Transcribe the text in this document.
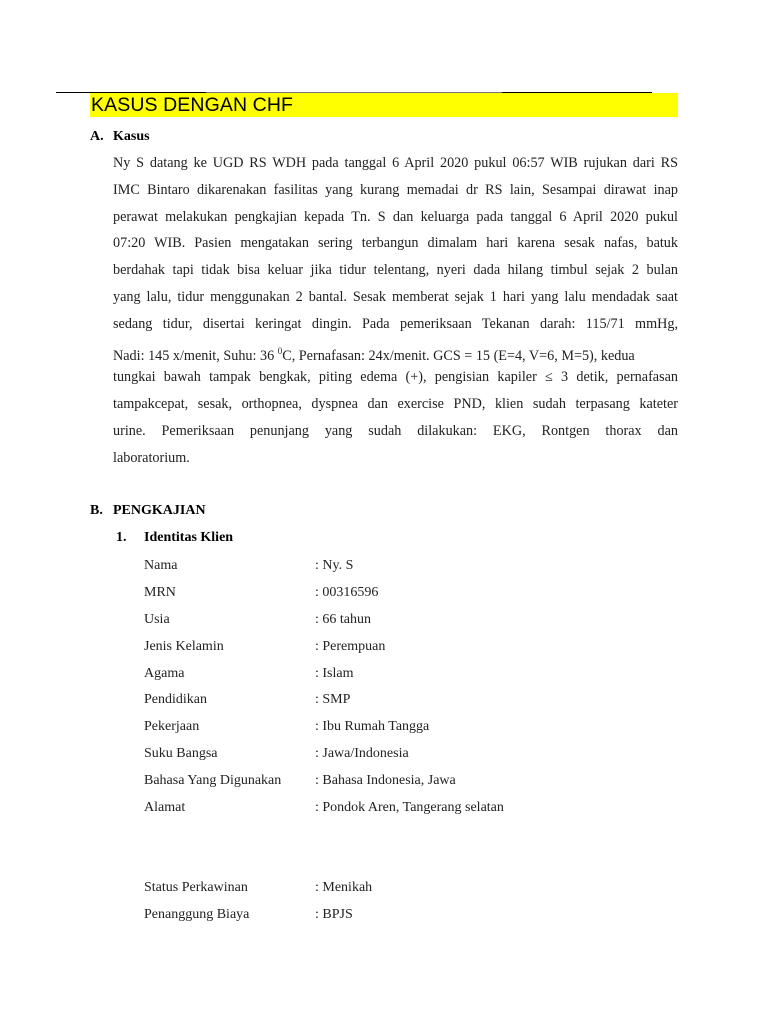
KASUS DENGAN CHF
A. Kasus
Ny S datang ke UGD RS WDH pada tanggal 6 April 2020 pukul 06:57 WIB rujukan dari RS
IMC Bintaro dikarenakan fasilitas yang kurang memadai dr RS lain, Sesampai dirawat inap
perawat melakukan pengkajian kepada Tn. S dan keluarga pada tanggal 6 April 2020 pukul
07:20 WIB. Pasien mengatakan sering terbangun dimalam hari karena sesak nafas, batuk
berdahak tapi tidak bisa keluar jika tidur telentang, nyeri dada hilang timbul sejak 2 bulan
yang lalu, tidur menggunakan 2 bantal. Sesak memberat sejak 1 hari yang lalu mendadak saat
sedang tidur, disertai keringat dingin. Pada pemeriksaan Tekanan darah: 115/71 mmHg,
Nadi: 145 x/menit, Suhu: 36 $^0$C, Pernafasan: 24x/menit. GCS = 15 (E=4, V=6, M=5), kedua
tungkai bawah tampak bengkak, piting edema (+), pengisian kapiler ≤ 3 detik, pernafasan
tampakcepat, sesak, orthopnea, dyspnea dan exercise PND, klien sudah terpasang kateter
urine. Pemeriksaan penunjang yang sudah dilakukan: EKG, Rontgen thorax dan
laboratorium.
B. PENGKAJIAN
1. Identitas Klien
Nama	: Ny. S
MRN	: 00316596
Usia	: 66 tahun
Jenis Kelamin	: Perempuan
Agama	: Islam
Pendidikan	: SMP
Pekerjaan	: Ibu Rumah Tangga
Suku Bangsa	: Jawa/Indonesia
Bahasa Yang Digunakan : Bahasa Indonesia, Jawa
Alamat	: Pondok Aren, Tangerang selatan
Status Perkawinan	: Menikah
Penanggung Biaya	: BPJS
